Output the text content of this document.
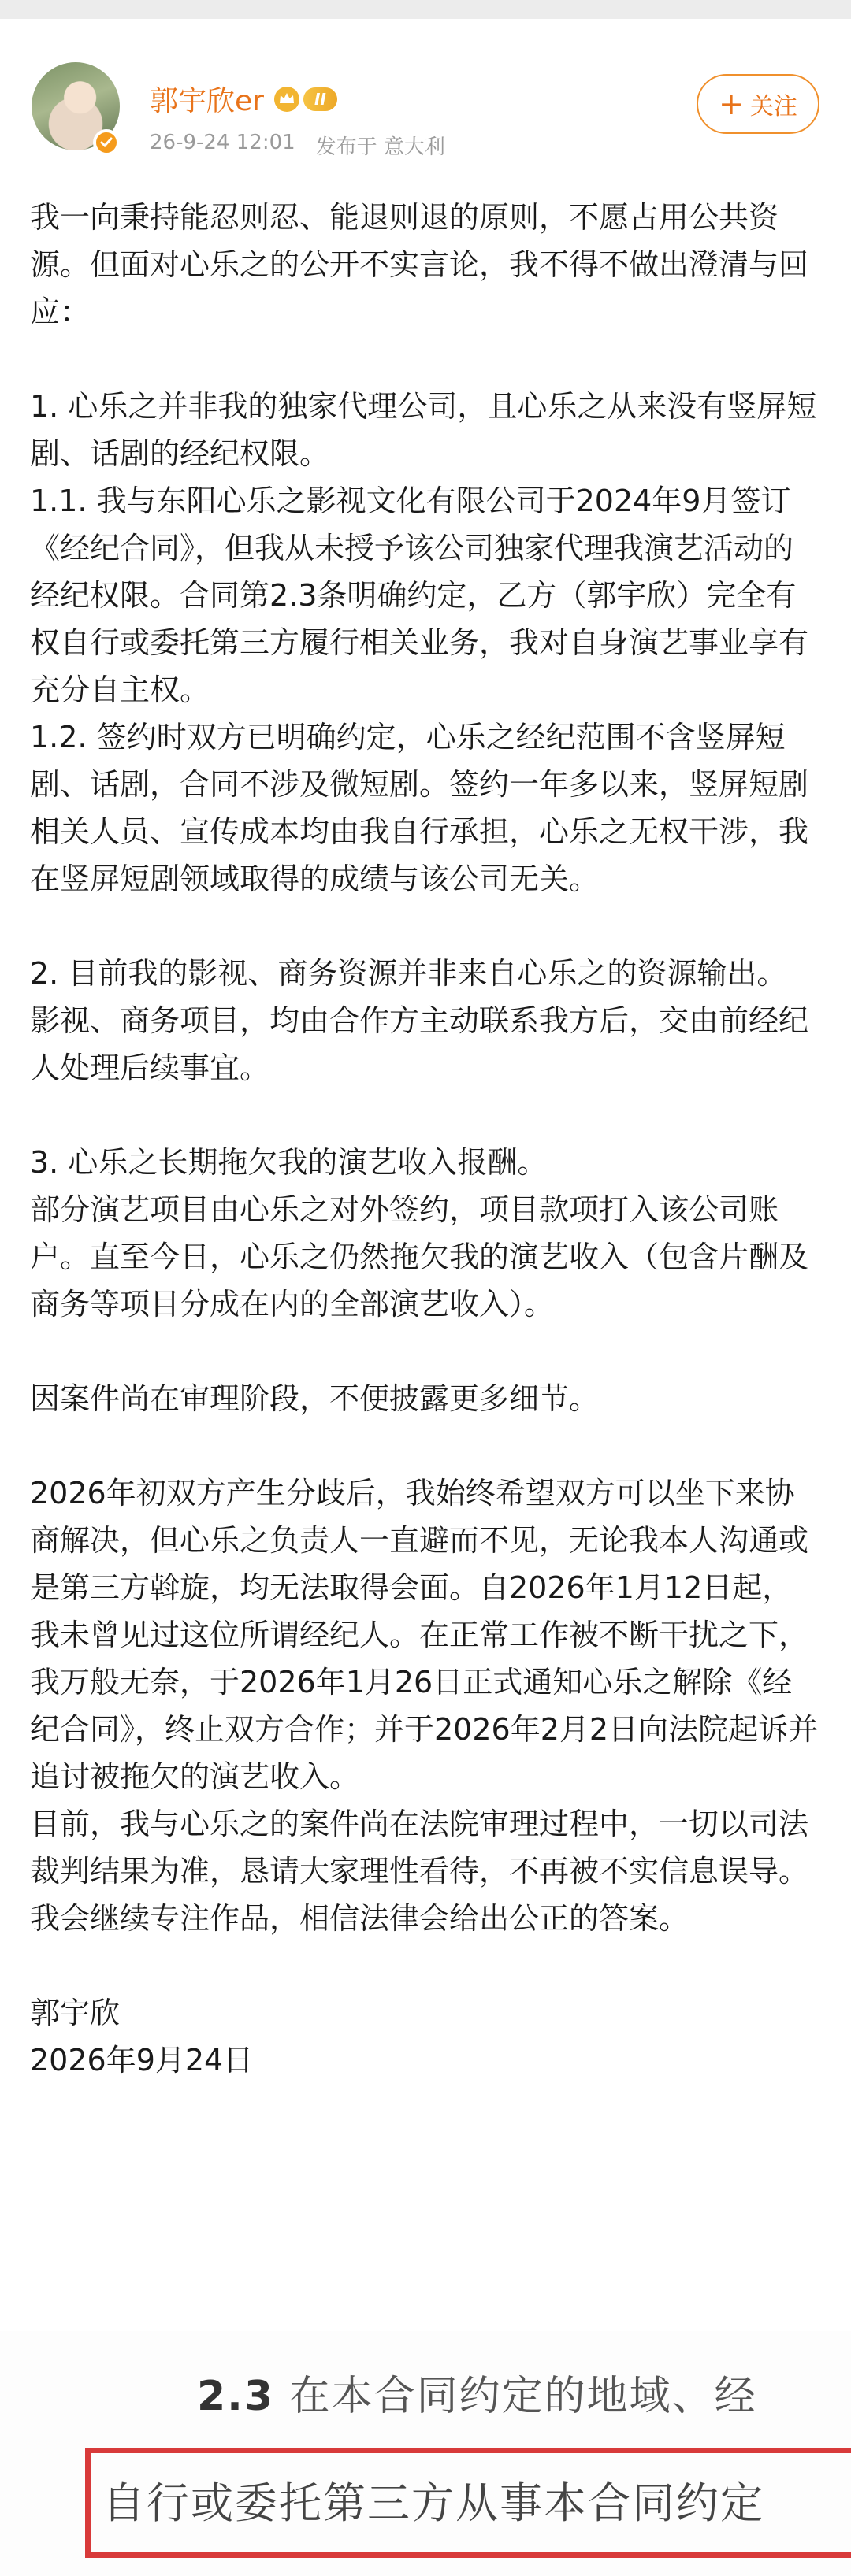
郭宇欣er	II
26-9-24 12:01 发布于 意大利
+ 关注

我一向秉持能忍则忍、能退则退的原则，不愿占用公共资源。但面对心乐之的公开不实言论，我不得不做出澄清与回应：

1. 心乐之并非我的独家代理公司，且心乐之从来没有竖屏短剧、话剧的经纪权限。

1.1. 我与东阳心乐之影视文化有限公司于2024年9月签订《经纪合同》，但我从未授予该公司独家代理我演艺活动的经纪权限。合同第2.3条明确约定，乙方（郭宇欣）完全有权自行或委托第三方履行相关业务，我对自身演艺事业享有充分自主权。

1.2. 签约时双方已明确约定，心乐之经纪范围不含竖屏短剧、话剧，合同不涉及微短剧。签约一年多以来，竖屏短剧相关人员、宣传成本均由我自行承担，心乐之无权干涉，我在竖屏短剧领域取得的成绩与该公司无关。

2. 目前我的影视、商务资源并非来自心乐之的资源输出。

影视、商务项目，均由合作方主动联系我方后，交由前经纪人处理后续事宜。

3. 心乐之长期拖欠我的演艺收入报酬。

部分演艺项目由心乐之对外签约，项目款项打入该公司账户。直至今日，心乐之仍然拖欠我的演艺收入（包含片酬及商务等项目分成在内的全部演艺收入）。

因案件尚在审理阶段，不便披露更多细节。

2026年初双方产生分歧后，我始终希望双方可以坐下来协商解决，但心乐之负责人一直避而不见，无论我本人沟通或是第三方斡旋，均无法取得会面。自2026年1月12日起，我未曾见过这位所谓经纪人。在正常工作被不断干扰之下，我万般无奈，于2026年1月26日正式通知心乐之解除《经纪合同》，终止双方合作；并于2026年2月2日向法院起诉并追讨被拖欠的演艺收入。

目前，我与心乐之的案件尚在法院审理过程中，一切以司法裁判结果为准，恳请大家理性看待，不再被不实信息误导。我会继续专注作品，相信法律会给出公正的答案。

郭宇欣

2026年9月24日

2.3 在本合同约定的地域、经
自行或委托第三方从事本合同约定
